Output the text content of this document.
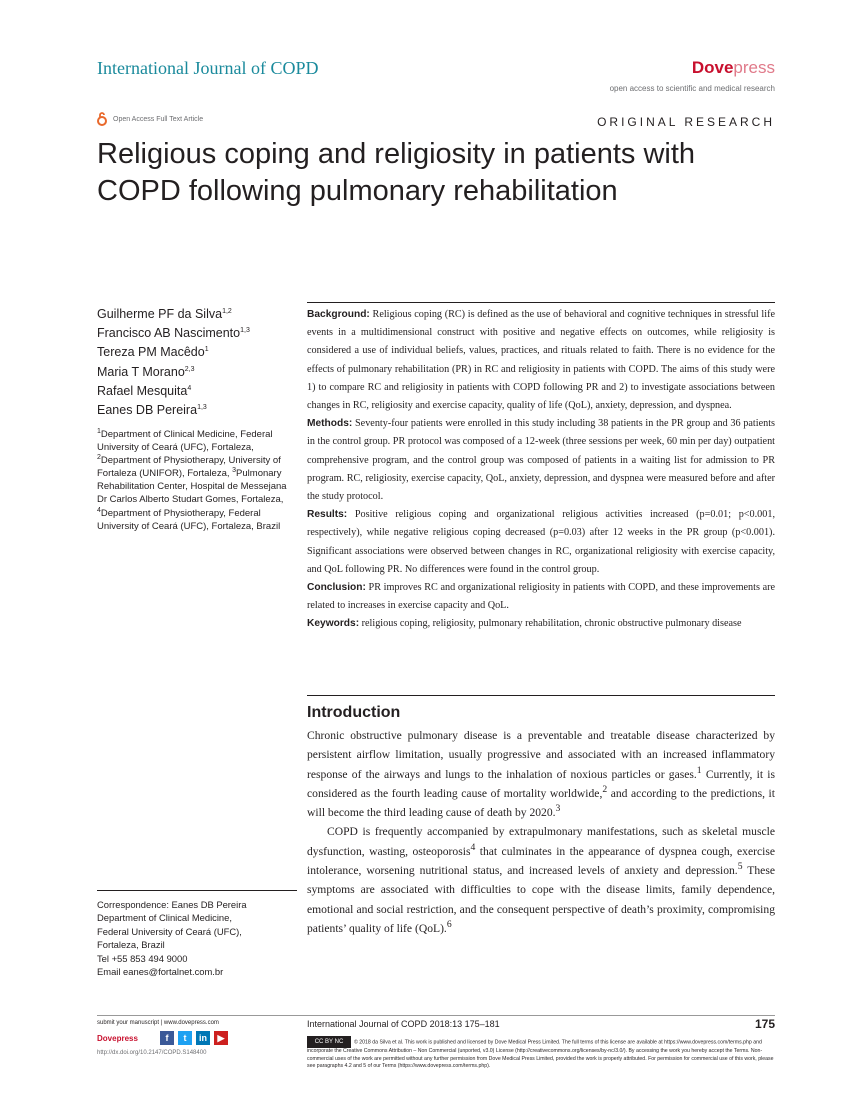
International Journal of COPD	Dovepress
open access to scientific and medical research
Open Access Full Text Article	ORIGINAL RESEARCH
Religious coping and religiosity in patients with COPD following pulmonary rehabilitation
Guilherme PF da Silva$^{1,2}$
Francisco AB Nascimento$^{1,3}$
Tereza PM Macêdo$^1$
Maria T Morano$^{2,3}$
Rafael Mesquita$^4$
Eanes DB Pereira$^{1,3}$
$^1$Department of Clinical Medicine, Federal University of Ceará (UFC), Fortaleza, $^2$Department of Physiotherapy, University of Fortaleza (UNIFOR), Fortaleza, $^3$Pulmonary Rehabilitation Center, Hospital de Messejana Dr Carlos Alberto Studart Gomes, Fortaleza, $^4$Department of Physiotherapy, Federal University of Ceará (UFC), Fortaleza, Brazil

Background: Religious coping (RC) is defined as the use of behavioral and cognitive techniques in stressful life events in a multidimensional construct with positive and negative effects on outcomes, while religiosity is considered a use of individual beliefs, values, practices, and rituals related to faith. There is no evidence for the effects of pulmonary rehabilitation (PR) in RC and religiosity in patients with COPD. The aims of this study were 1) to compare RC and religiosity in patients with COPD following PR and 2) to investigate associations between changes in RC, religiosity and exercise capacity, quality of life (QoL), anxiety, depression, and dyspnea.

Methods: Seventy-four patients were enrolled in this study including 38 patients in the PR group and 36 patients in the control group. PR protocol was composed of a 12-week (three sessions per week, 60 min per day) outpatient comprehensive program, and the control group was composed of patients in a waiting list for admission to PR program. RC, religiosity, exercise capacity, QoL, anxiety, depression, and dyspnea were measured before and after the study protocol.

Results: Positive religious coping and organizational religious activities increased (p=0.01; p<0.001, respectively), while negative religious coping decreased (p=0.03) after 12 weeks in the PR group (p<0.001). Significant associations were observed between changes in RC, organizational religiosity with exercise capacity, and QoL following PR. No differences were found in the control group.

Conclusion: PR improves RC and organizational religiosity in patients with COPD, and these improvements are related to increases in exercise capacity and QoL.

Keywords: religious coping, religiosity, pulmonary rehabilitation, chronic obstructive pulmonary disease

Introduction

Chronic obstructive pulmonary disease is a preventable and treatable disease characterized by persistent airflow limitation, usually progressive and associated with an increased inflammatory response of the airways and lungs to the inhalation of noxious particles or gases.$^1$ Currently, it is considered as the fourth leading cause of mortality worldwide,$^2$ and according to the predictions, it will become the third leading cause of death by 2020.$^3$

COPD is frequently accompanied by extrapulmonary manifestations, such as skeletal muscle dysfunction, wasting, osteoporosis$^4$ that culminates in the appearance of dyspnea cough, exercise intolerance, worsening nutritional status, and increased levels of anxiety and depression.$^5$ These symptoms are associated with difficulties to cope with the disease limits, family dependence, emotional and social restriction, and the consequent perspective of death’s proximity, compromising patients’ quality of life (QoL).$^6$

Correspondence: Eanes DB Pereira
Department of Clinical Medicine,
Federal University of Ceará (UFC),
Fortaleza, Brazil
Tel +55 853 494 9000
Email eanes@fortalnet.com.br
submit your manuscript | www.dovepress.com
Dovepress	f	t	in	▶
http://dx.doi.org/10.2147/COPD.S148400
International Journal of COPD 2018:13 175–181	175
CC BY NC © 2018 da Silva et al. This work is published and licensed by Dove Medical Press Limited. The full terms of this license are available at https://www.dovepress.com/terms.php and incorporate the Creative Commons Attribution – Non Commercial (unported, v3.0) License (http://creativecommons.org/licenses/by-nc/3.0/). By accessing the work you hereby accept the Terms. Non-commercial uses of the work are permitted without any further permission from Dove Medical Press Limited, provided the work is properly attributed. For permission for commercial use of this work, please see paragraphs 4.2 and 5 of our Terms (https://www.dovepress.com/terms.php).
